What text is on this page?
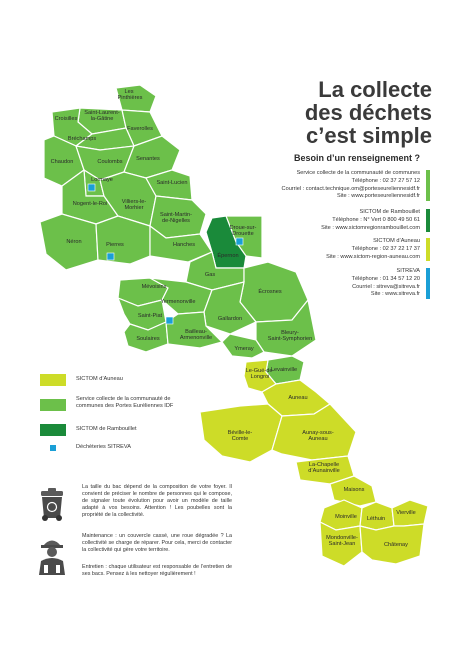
Les Pinthières
Saint-Laurent-la-Gâtine
Croisilles
Faverolles
Bréchamps
Chaudon	Coulombs Senantes
Lormaye
Nogent-le-Roi	Villiers-le-Morhier
Saint-Lucien
Saint-Martin-de-Nigelles
Néron	Pierres	Hanches
Droue-sur-Drouette
Épernon
Gas
Mévoisins
Écrosnes
Yermenonville
Saint-Piat	Gallardon
Soulaires
Bailleau-Armenonville
Bleury-Saint-Symphorien
Ymeray
Le-Gué-de-Longroi
Levainville
Auneau
Béville-le-Comte
Aunay-sous-Auneau
La-Chapelle d’Aunainville
Maisons
Moinville Léthuin
Vierville
Mondonville-Saint-Jean	Châtenay
La collecte
des déchets
c’est simple
Besoin d’un renseignement ?
Service collecte de la communauté de communes
Téléphone : 02 37 27 57 12
Courriel : contact.technique.om@porteseureliennesidf.fr
Site : www.porteseureliennesidf.fr
SICTOM de Rambouillet
Téléphone : N° Vert 0 800 49 50 61
Site : www.sictomregionrambouillet.com
SICTOM d’Auneau
Téléphone : 02 37 22 17 37
Site : www.sictom-region-auneau.com
SITREVA
Téléphone : 01 34 57 12 20
Courriel : sitreva@sitreva.fr
Site : www.sitreva.fr
SICTOM d’Auneau
Service collecte de la communauté de communes des Portes Euréliennes IDF
SICTOM de Rambouillet
Déchèteries SITREVA
La taille du bac dépend de la composition de votre foyer. Il convient de préciser le nombre de personnes qui le compose, de signaler toute évolution pour avoir un modèle de taille adapté à vos besoins. Attention ! Les poubelles sont la propriété de la collectivité.
Maintenance : un couvercle cassé, une roue dégradée ? La collectivité se charge de réparer. Pour cela, merci de contacter la collectivité qui gère votre territoire.
Entretien : chaque utilisateur est responsable de l’entretien de ses bacs. Pensez à les nettoyer régulièrement !
